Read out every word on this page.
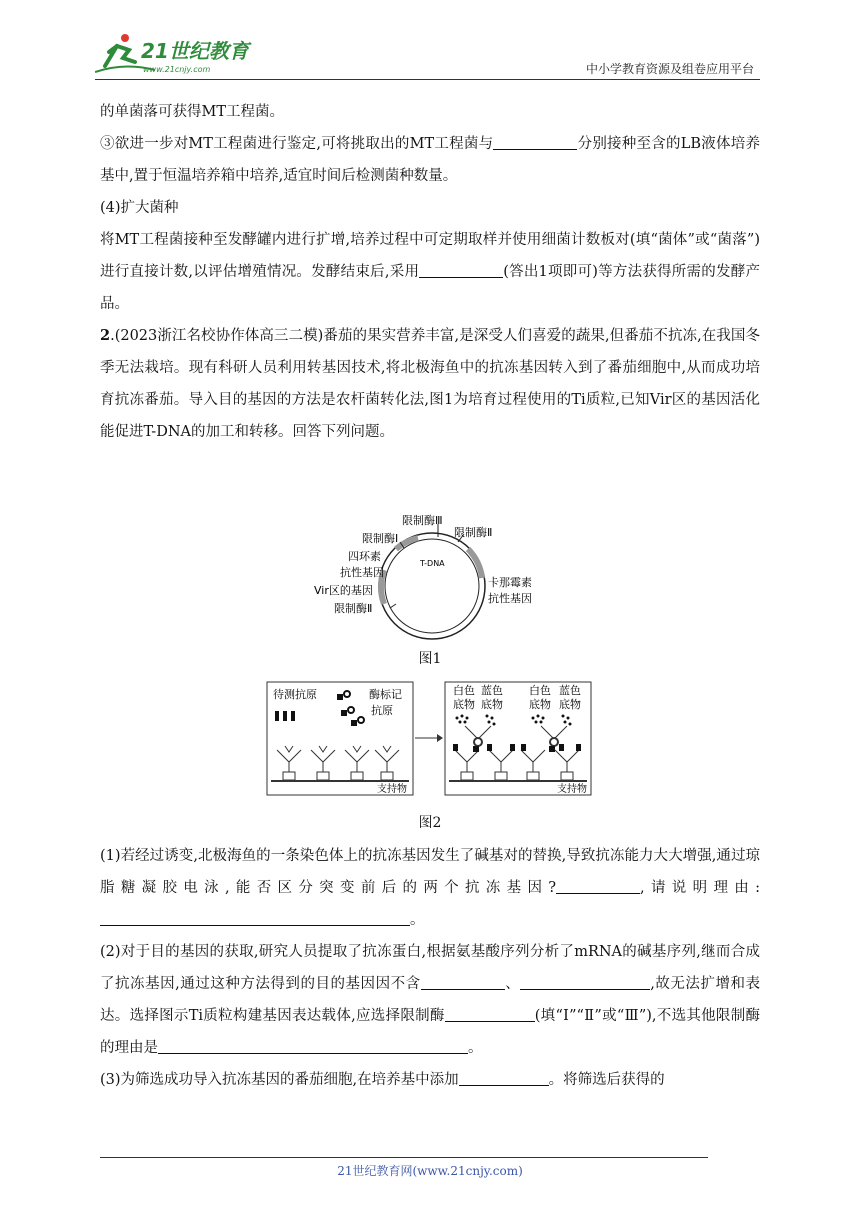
21世纪教育
www.21cnjy.com	中小学教育资源及组卷应用平台

的单菌落可获得MT工程菌。

③欲进一步对MT工程菌进行鉴定,可将挑取出的MT工程菌与	分别接种至含的LB液体培养基中,置于恒温培养箱中培养,适宜时间后检测菌种数量。

(4)扩大菌种

将MT工程菌接种至发酵罐内进行扩增,培养过程中可定期取样并使用细菌计数板对(填“菌体”或“菌落”)进行直接计数,以评估增殖情况。发酵结束后,采用	(答出1项即可)等方法获得所需的发酵产品。

2.(2023浙江名校协作体高三二模)番茄的果实营养丰富,是深受人们喜爱的蔬果,但番茄不抗冻,在我国冬季无法栽培。现有科研人员利用转基因技术,将北极海鱼中的抗冻基因转入到了番茄细胞中,从而成功培育抗冻番茄。导入目的基因的方法是农杆菌转化法,图1为培育过程使用的Ti质粒,已知Vir区的基因活化能促进T-DNA的加工和转移。回答下列问题。

限制酶Ⅲ
限制酶Ⅱ
限制酶Ⅰ
四环素
抗性基因
T-DNA
Vir区的基因
限制酶Ⅱ
卡那霉素
抗性基因
图1
待测抗原	酶标记
抗原
支持物
白色
底物
蓝色
底物
白色
底物
蓝色
底物
支持物
图2

(1)若经过诱变,北极海鱼的一条染色体上的抗冻基因发生了碱基对的替换,导致抗冻能力大大增强,通过琼脂糖凝胶电泳,能否区分突变前后的两个抗冻基因?	,请说明理由:。

(2)对于目的基因的获取,研究人员提取了抗冻蛋白,根据氨基酸序列分析了mRNA的碱基序列,继而合成了抗冻基因,通过这种方法得到的目的基因因不含	、	,故无法扩增和表达。选择图示Ti质粒构建基因表达载体,应选择限制酶	(填“Ⅰ”“Ⅱ”或“Ⅲ”),不选其他限制酶的理由是	。

(3)为筛选成功导入抗冻基因的番茄细胞,在培养基中添加	。将筛选后获得的

21世纪教育网(www.21cnjy.com)
